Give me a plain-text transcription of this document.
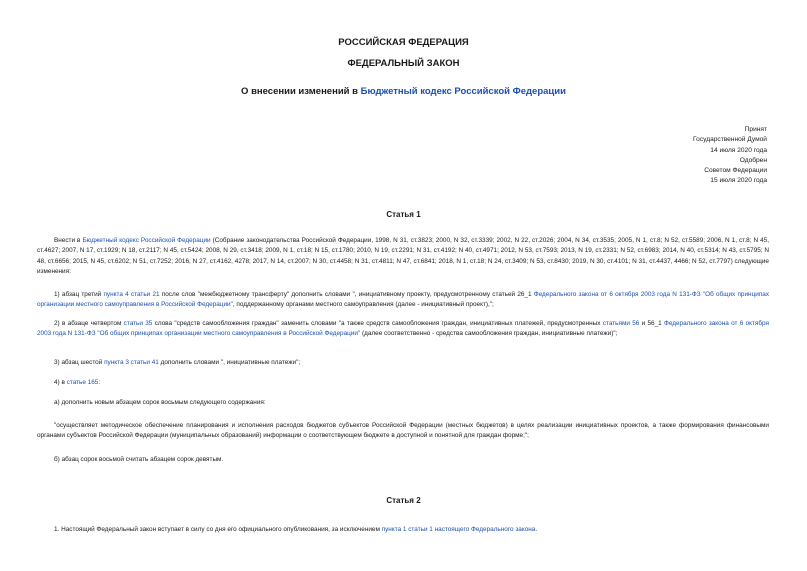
РОССИЙСКАЯ ФЕДЕРАЦИЯ
ФЕДЕРАЛЬНЫЙ ЗАКОН
О внесении изменений в Бюджетный кодекс Российской Федерации
Принят
Государственной Думой
14 июля 2020 года
Одобрен
Советом Федерации
15 июля 2020 года
Статья 1

Внести в Бюджетный кодекс Российской Федерации (Собрание законодательства Российской Федерации, 1998, N 31, ст.3823; 2000, N 32, ст.3339; 2002, N 22, ст.2026; 2004, N 34, ст.3535; 2005, N 1, ст.8; N 52, ст.5589; 2006, N 1, ст.8; N 45, ст.4627; 2007, N 17, ст.1929; N 18, ст.2117; N 45, ст.5424; 2008, N 29, ст.3418; 2009, N 1, ст.18; N 15, ст.1780; 2010, N 19, ст.2291; N 31, ст.4192; N 40, ст.4971; 2012, N 53, ст.7593; 2013, N 19, ст.2331; N 52, ст.6983; 2014, N 40, ст.5314; N 43, ст.5795; N 48, ст.6656; 2015, N 45, ст.6202; N 51, ст.7252; 2016, N 27, ст.4162, 4278; 2017, N 14, ст.2007; N 30, ст.4458; N 31, ст.4811; N 47, ст.6841; 2018, N 1, ст.18; N 24, ст.3409; N 53, ст.8430; 2019, N 30, ст.4101; N 31, ст.4437, 4466; N 52, ст.7797) следующие изменения:

1) абзац третий пункта 4 статьи 21 после слов "межбюджетному трансферту" дополнить словами ", инициативному проекту, предусмотренному статьей 26_1 Федерального закона от 6 октября 2003 года N 131-ФЗ "Об общих принципах организации местного самоуправления в Российской Федерации", поддержанному органами местного самоуправления (далее - инициативный проект),";

2) в абзаце четвертом статьи 35 слова "средств самообложения граждан" заменить словами "а также средств самообложения граждан, инициативных платежей, предусмотренных статьями 56 и 56_1 Федерального закона от 6 октября 2003 года N 131-ФЗ "Об общих принципах организации местного самоуправления в Российской Федерации" (далее соответственно - средства самообложения граждан, инициативные платежи)";

3) абзац шестой пункта 3 статьи 41 дополнить словами ", инициативные платежи";

4) в статье 165:

а) дополнить новым абзацем сорок восьмым следующего содержания:

"осуществляет методическое обеспечение планирования и исполнения расходов бюджетов субъектов Российской Федерации (местных бюджетов) в целях реализации инициативных проектов, а также формирования финансовыми органами субъектов Российской Федерации (муниципальных образований) информации о соответствующем бюджете в доступной и понятной для граждан форме;";

б) абзац сорок восьмой считать абзацем сорок девятым.

Статья 2

1. Настоящий Федеральный закон вступает в силу со дня его официального опубликования, за исключением пункта 1 статьи 1 настоящего Федерального закона.
